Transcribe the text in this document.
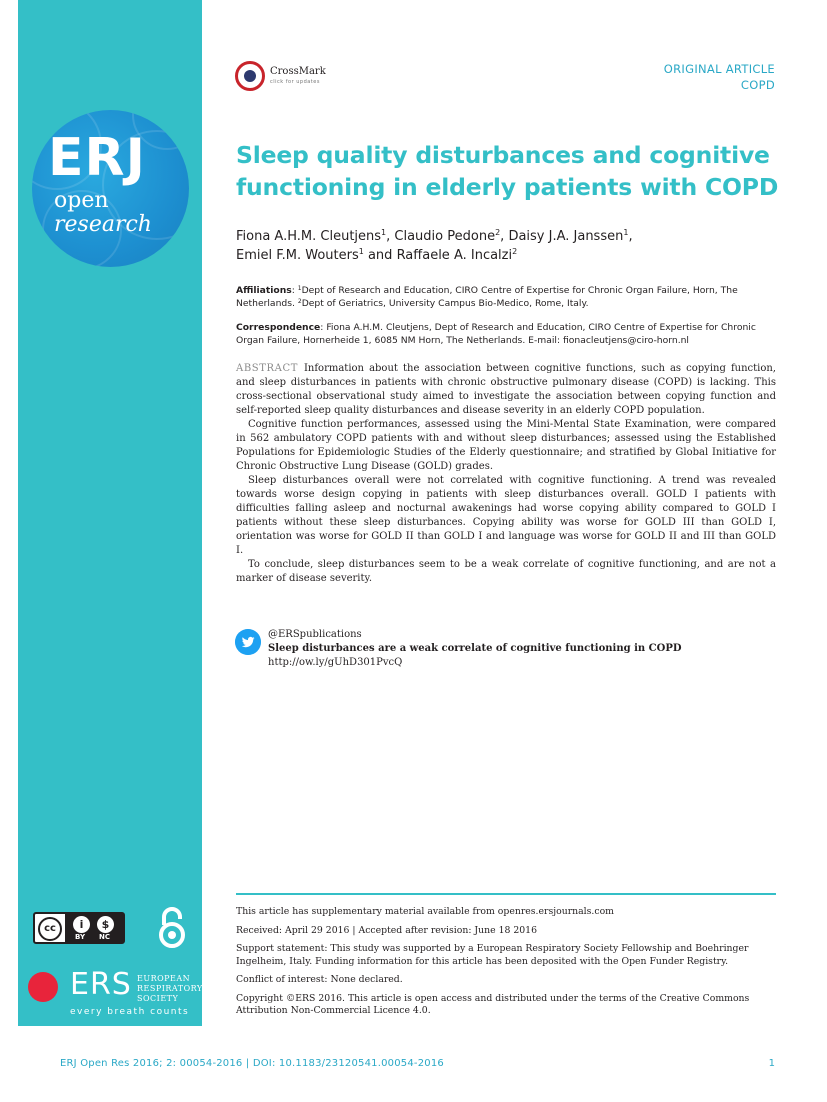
ERJ
open
research
cc	i	$
BY NC
ERS EUROPEAN
RESPIRATORY
SOCIETY
every breath counts
CrossMark
click for updates
ORIGINAL ARTICLE
COPD
Sleep quality disturbances and cognitive
functioning in elderly patients with COPD
Fiona A.H.M. Cleutjens$^1$, Claudio Pedone$^2$, Daisy J.A. Janssen$^1$,
Emiel F.M. Wouters$^1$ and Raffaele A. Incalzi$^2$
Affiliations: $^1$Dept of Research and Education, CIRO Centre of Expertise for Chronic Organ Failure, Horn, The Netherlands. $^2$Dept of Geriatrics, University Campus Bio-Medico, Rome, Italy.
Correspondence: Fiona A.H.M. Cleutjens, Dept of Research and Education, CIRO Centre of Expertise for Chronic Organ Failure, Hornerheide 1, 6085 NM Horn, The Netherlands. E-mail: fionacleutjens@ciro-horn.nl

ABSTRACT Information about the association between cognitive functions, such as copying function, and sleep disturbances in patients with chronic obstructive pulmonary disease (COPD) is lacking. This cross-sectional observational study aimed to investigate the association between copying function and self-reported sleep quality disturbances and disease severity in an elderly COPD population.

Cognitive function performances, assessed using the Mini-Mental State Examination, were compared in 562 ambulatory COPD patients with and without sleep disturbances; assessed using the Established Populations for Epidemiologic Studies of the Elderly questionnaire; and stratified by Global Initiative for Chronic Obstructive Lung Disease (GOLD) grades.

Sleep disturbances overall were not correlated with cognitive functioning. A trend was revealed towards worse design copying in patients with sleep disturbances overall. GOLD I patients with difficulties falling asleep and nocturnal awakenings had worse copying ability compared to GOLD I patients without these sleep disturbances. Copying ability was worse for GOLD III than GOLD I, orientation was worse for GOLD II than GOLD I and language was worse for GOLD II and III than GOLD I.

To conclude, sleep disturbances seem to be a weak correlate of cognitive functioning, and are not a marker of disease severity.

@ERSpublications
Sleep disturbances are a weak correlate of cognitive functioning in COPD
http://ow.ly/gUhD301PvcQ

This article has supplementary material available from openres.ersjournals.com

Received: April 29 2016 | Accepted after revision: June 18 2016

Support statement: This study was supported by a European Respiratory Society Fellowship and Boehringer Ingelheim, Italy. Funding information for this article has been deposited with the Open Funder Registry.

Conflict of interest: None declared.

Copyright ©ERS 2016. This article is open access and distributed under the terms of the Creative Commons Attribution Non-Commercial Licence 4.0.

ERJ Open Res 2016; 2: 00054-2016 | DOI: 10.1183/23120541.00054-2016	1
